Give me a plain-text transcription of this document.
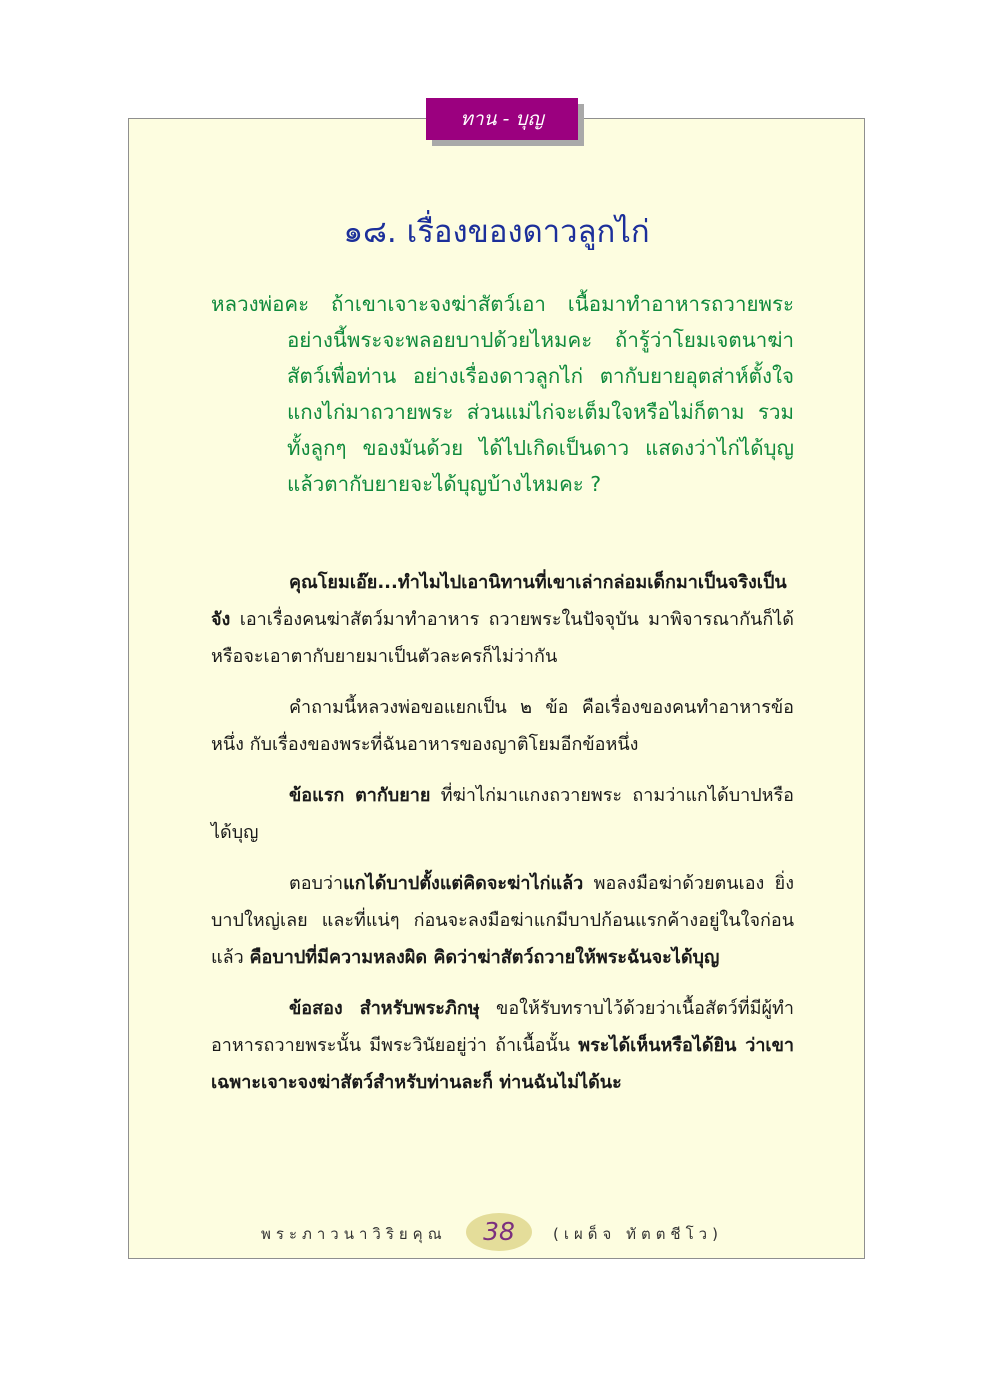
ทาน - บุญ
๑๘. เรื่องของดาวลูกไก่
หลวงพ่อคะ ถ้าเขาเจาะจงฆ่าสัตว์เอา เนื้อมาทำอาหารถวายพระ อย่างนี้พระจะพลอยบาปด้วยไหมคะ ถ้ารู้ว่าโยมเจตนาฆ่าสัตว์เพื่อท่าน อย่างเรื่องดาวลูกไก่ ตากับยายอุตส่าห์ตั้งใจแกงไก่มาถวายพระ ส่วนแม่ไก่จะเต็มใจหรือไม่ก็ตาม รวมทั้งลูกๆ ของมันด้วย ได้ไปเกิดเป็นดาว แสดงว่าไก่ได้บุญ แล้วตากับยายจะได้บุญบ้างไหมคะ ?

คุณโยมเอ๊ย...ทำไมไปเอานิทานที่เขาเล่ากล่อมเด็กมาเป็นจริงเป็นจัง เอาเรื่องคนฆ่าสัตว์มาทำอาหาร ถวายพระในปัจจุบัน มาพิจารณากันก็ได้ หรือจะเอาตากับยายมาเป็นตัวละครก็ไม่ว่ากัน

คำถามนี้หลวงพ่อขอแยกเป็น ๒ ข้อ คือเรื่องของคนทำอาหารข้อหนึ่ง กับเรื่องของพระที่ฉันอาหารของญาติโยมอีกข้อหนึ่ง

ข้อแรก ตากับยาย ที่ฆ่าไก่มาแกงถวายพระ ถามว่าแกได้บาปหรือได้บุญ

ตอบว่าแกได้บาปตั้งแต่คิดจะฆ่าไก่แล้ว พอลงมือฆ่าด้วยตนเอง ยิ่งบาปใหญ่เลย และที่แน่ๆ ก่อนจะลงมือฆ่าแกมีบาปก้อนแรกค้างอยู่ในใจก่อนแล้ว คือบาปที่มีความหลงผิด คิดว่าฆ่าสัตว์ถวายให้พระฉันจะได้บุญ

ข้อสอง สำหรับพระภิกษุ ขอให้รับทราบไว้ด้วยว่าเนื้อสัตว์ที่มีผู้ทำอาหารถวายพระนั้น มีพระวินัยอยู่ว่า ถ้าเนื้อนั้น พระได้เห็นหรือได้ยิน ว่าเขาเฉพาะเจาะจงฆ่าสัตว์สำหรับท่านละก็ ท่านฉันไม่ได้นะ

พระภาวนาวิริยคุณ	38	(เผด็จ ทัตตชีโว)
